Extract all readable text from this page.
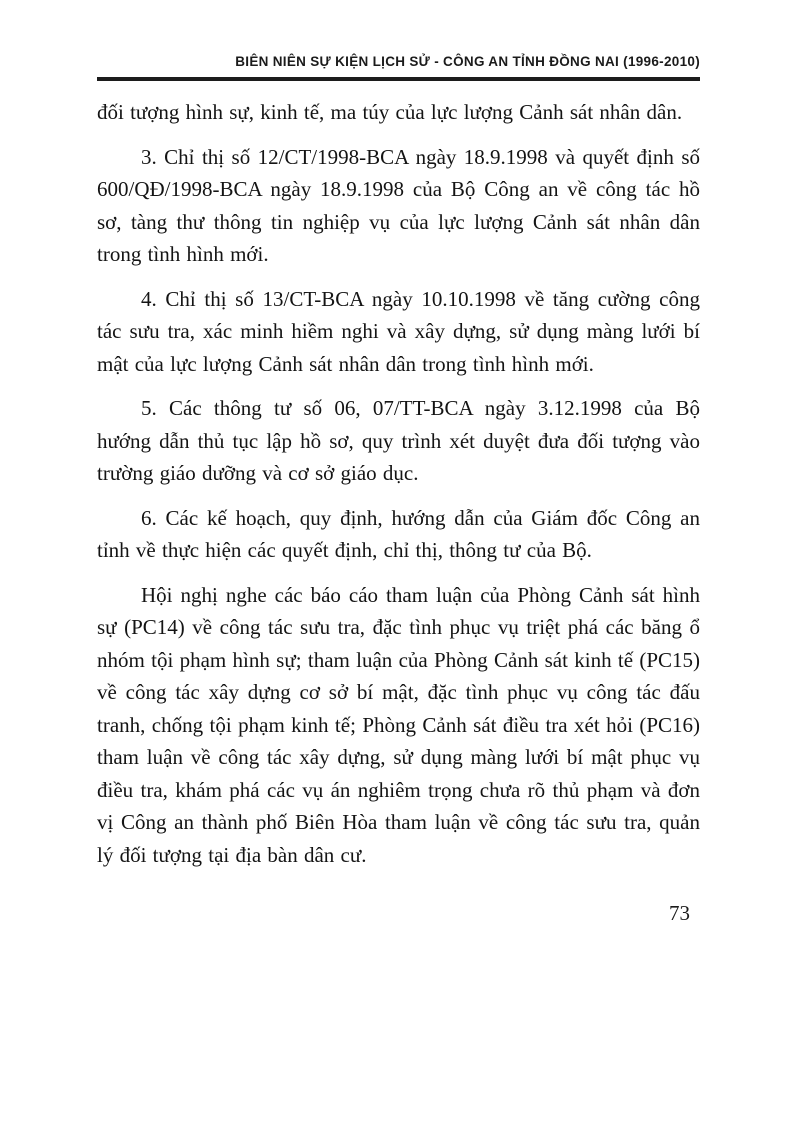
BIÊN NIÊN SỰ KIỆN LỊCH SỬ - CÔNG AN TỈNH ĐỒNG NAI (1996-2010)

đối tượng hình sự, kinh tế, ma túy của lực lượng Cảnh sát nhân dân.

3. Chỉ thị số 12/CT/1998-BCA ngày 18.9.1998 và quyết định số 600/QĐ/1998-BCA ngày 18.9.1998 của Bộ Công an về công tác hồ sơ, tàng thư thông tin nghiệp vụ của lực lượng Cảnh sát nhân dân trong tình hình mới.

4. Chỉ thị số 13/CT-BCA ngày 10.10.1998 về tăng cường công tác sưu tra, xác minh hiềm nghi và xây dựng, sử dụng màng lưới bí mật của lực lượng Cảnh sát nhân dân trong tình hình mới.

5. Các thông tư số 06, 07/TT-BCA ngày 3.12.1998 của Bộ hướng dẫn thủ tục lập hồ sơ, quy trình xét duyệt đưa đối tượng vào trường giáo dưỡng và cơ sở giáo dục.

6. Các kế hoạch, quy định, hướng dẫn của Giám đốc Công an tỉnh về thực hiện các quyết định, chỉ thị, thông tư của Bộ.

Hội nghị nghe các báo cáo tham luận của Phòng Cảnh sát hình sự (PC14) về công tác sưu tra, đặc tình phục vụ triệt phá các băng ổ nhóm tội phạm hình sự; tham luận của Phòng Cảnh sát kinh tế (PC15) về công tác xây dựng cơ sở bí mật, đặc tình phục vụ công tác đấu tranh, chống tội phạm kinh tế; Phòng Cảnh sát điều tra xét hỏi (PC16) tham luận về công tác xây dựng, sử dụng màng lưới bí mật phục vụ điều tra, khám phá các vụ án nghiêm trọng chưa rõ thủ phạm và đơn vị Công an thành phố Biên Hòa tham luận về công tác sưu tra, quản lý đối tượng tại địa bàn dân cư.

73
